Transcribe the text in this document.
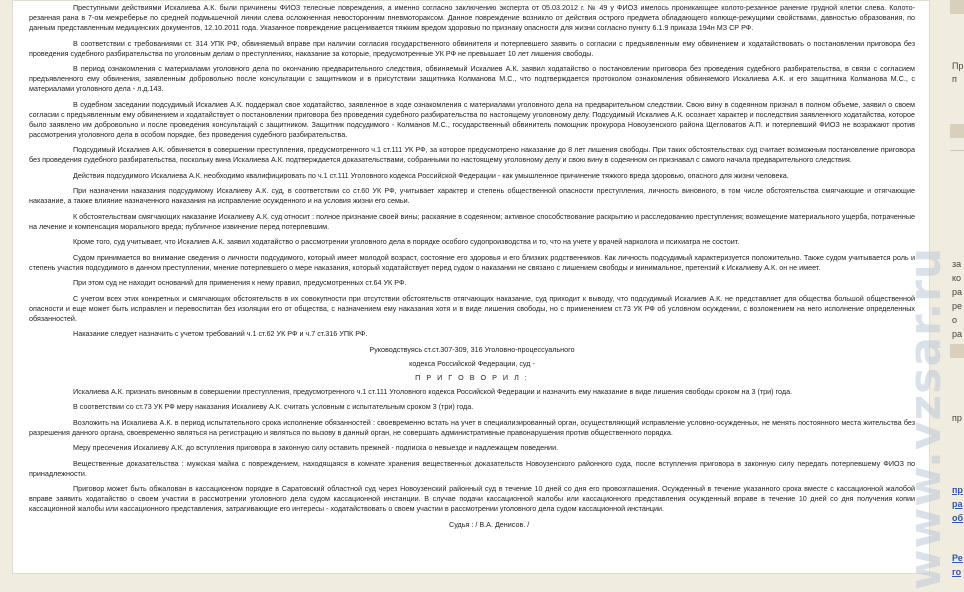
Преступными действиями Искалиева А.К. были причинены ФИОЗ телесные повреждения, а именно согласно заключению эксперта от 05.03.2012 г. № 49 у ФИОЗ имелось проникающее колото-резанное ранение грудной клетки слева. Колото-резанная рана в 7-ом межреберье по средней подмышечной линии слева осложненная невосторонним пневмотораксом. Данное повреждение возникло от действия острого предмета обладающего колюще-режущими свойствами, давностью образования, по данным представленным медицинских документов, 12.10.2011 года. Указанное повреждение расценивается тяжким вредом здоровью по признаку опасности для жизни согласно пункту 6.1.9 приказа 194н МЗ СР РФ.

В соответствии с требованиями ст. 314 УПК РФ, обвиняемый вправе при наличии согласия государственного обвинителя и потерпевшего заявить о согласии с предъявленным ему обвинением и ходатайствовать о постановлении приговора без проведения судебного разбирательства по уголовным делам о преступлениях, наказание за которые, предусмотренные УК РФ не превышает 10 лет лишения свободы.

В период ознакомления с материалами уголовного дела по окончанию предварительного следствия, обвиняемый Искалиев А.К. заявил ходатайство о постановлении приговора без проведения судебного разбирательства, в связи с согласием предъявленного ему обвинения, заявленным добровольно после консультации с защитником и в присутствии защитника Колманова М.С., что подтверждается протоколом ознакомления обвиняемого Искалиева А.К. и его защитника Колманова М.С., с материалами уголовного дела - л.д.143.

В судебном заседании подсудимый Искалиев А.К. поддержал свое ходатайство, заявленное в ходе ознакомления с материалами уголовного дела на предварительном следствии. Свою вину в содеянном признал в полном объеме, заявил о своем согласии с предъявленным ему обвинением и ходатайствует о постановлении приговора без проведения судебного разбирательства по настоящему уголовному делу. Подсудимый Искалиев А.К. осознает характер и последствия заявленного ходатайства, которое было заявлено им добровольно и после проведения консультаций с защитником. Защитник подсудимого - Колманов М.С., государственный обвинитель помощник прокурора Новоузенского района Щегловатов А.П. и потерпевший ФИОЗ не возражают против рассмотрения уголовного дела в особом порядке, без проведения судебного разбирательства.

Подсудимый Искалиев А.К. обвиняется в совершении преступления, предусмотренного ч.1 ст.111 УК РФ, за которое предусмотрено наказание до 8 лет лишения свободы. При таких обстоятельствах суд считает возможным постановление приговора без проведения судебного разбирательства, поскольку вина Искалиева А.К. подтверждается доказательствами, собранными по настоящему уголовному делу и свою вину в содеянном он признавал с самого начала предварительного следствия.

Действия подсудимого Искалиева А.К. необходимо квалифицировать по ч.1 ст.111 Уголовного кодекса Российской Федерации - как умышленное причинение тяжкого вреда здоровью, опасного для жизни человека.

При назначении наказания подсудимому Искалиеву А.К. суд, в соответствии со ст.60 УК РФ, учитывает характер и степень общественной опасности преступления, личность виновного, в том числе обстоятельства смягчающие и отягчающие наказание, а также влияние назначенного наказания на исправление осужденного и на условия жизни его семьи.

К обстоятельствам смягчающих наказание Искалиеву А.К. суд относит : полное признание своей вины; раскаяние в содеянном; активное способствование раскрытию и расследованию преступления; возмещение материального ущерба, потраченные на лечение и компенсация морального вреда; публичное извинение перед потерпевшим.

Кроме того, суд учитывает, что Искалиев А.К. заявил ходатайство о рассмотрении уголовного дела в порядке особого судопроизводства и то, что на учете у врачей нарколога и психиатра не состоит.

Судом принимается во внимание сведения о личности подсудимого, который имеет молодой возраст, состояние его здоровья и его близких родственников. Как личность подсудимый характеризуется положительно. Также судом учитывается роль и степень участия подсудимого в данном преступлении, мнение потерпевшего о мере наказания, который ходатайствует перед судом о наказании не связано с лишением свободы и минимальное, претензий к Искалиеву А.К. он не имеет.

При этом суд не находит оснований для применения к нему правил, предусмотренных ст.64 УК РФ.

С учетом всех этих конкретных и смягчающих обстоятельств в их совокупности при отсутствии обстоятельств отягчающих наказание, суд приходит к выводу, что подсудимый Искалиев А.К. не представляет для общества большой общественной опасности и еще может быть исправлен и перевоспитан без изоляции его от общества, с назначением ему наказания хотя и в виде лишения свободы, но с применением ст.73 УК РФ об условном осуждении, с возложением на него исполнение определенных обязанностей.

Наказание следует назначить с учетом требований ч.1 ст.62 УК РФ и ч.7 ст.316 УПК РФ.

Руководствуясь ст.ст.307-309, 316 Уголовно-процессуального

кодекса Российской Федерации, суд -

П Р И Г О В О Р И Л :

Искалиева А.К. признать виновным в совершении преступления, предусмотренного ч.1 ст.111 Уголовного кодекса Российской Федерации и назначить ему наказание в виде лишения свободы сроком на 3 (три) года.

В соответствии со ст.73 УК РФ меру наказания Искалиеву А.К. считать условным с испытательным сроком 3 (три) года.

Возложить на Искалиева А.К. в период испытательного срока исполнение обязанностей : своевременно встать на учет в специализированный орган, осуществляющий исправление условно-осужденных, не менять постоянного места жительства без разрешения данного органа, своевременно являться на регистрацию и являться по вызову в данный орган, не совершать административные правонарушения против общественного порядка.

Меру пресечения Искалиеву А.К. до вступления приговора в законную силу оставить прежней - подписка о невыезде и надлежащем поведении.

Вещественные доказательства : мужская майка с повреждением, находящаяся в комнате хранения вещественных доказательств Новоузенского районного суда, после вступления приговора в законную силу передать потерпевшему ФИОЗ по принадлежности.

Приговор может быть обжалован в кассационном порядке в Саратовский областной суд через Новоузенский районный суд в течение 10 дней со дня его провозглашения. Осужденный в течение указанного срока вместе с кассационной жалобой вправе заявить ходатайство о своем участии в рассмотрении уголовного дела судом кассационной инстанции. В случае подачи кассационной жалобы или кассационного представления осужденный вправе в течение 10 дней со дня получения копии кассационной жалобы или кассационного представления, затрагивающие его интересы - ходатайствовать о своем участии в рассмотрении уголовного дела судом кассационной инстанции.

Судья : / В.А. Денисов. /

Пр
п
за
ко
ра
ре
о
ра
пр
пр
ра
об
Ре
го
www.vzsar.ru
